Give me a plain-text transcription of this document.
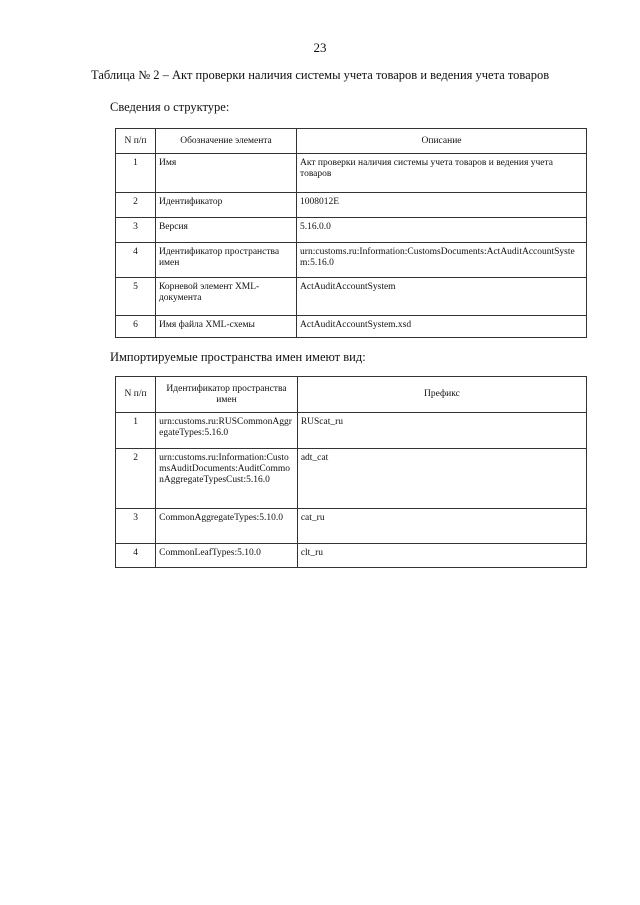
23
Таблица № 2 – Акт проверки наличия системы учета товаров и ведения учета товаров
Сведения о структуре:
N п/п	Обозначение элемента	Описание
1	Имя	Акт проверки наличия системы учета товаров и ведения учета товаров
2	Идентификатор	1008012E
3	Версия	5.16.0.0
4	Идентификатор пространства имен	urn:customs.ru:Information:CustomsDocuments:ActAuditAccountSystem:5.16.0
5	Корневой элемент XML-документа	ActAuditAccountSystem
6	Имя файла XML-схемы	ActAuditAccountSystem.xsd
Импортируемые пространства имен имеют вид:
N п/п	Идентификатор пространства имен	Префикс
1	urn:customs.ru:RUSCommonAggregateTypes:5.16.0	RUScat_ru
2	urn:customs.ru:Information:CustomsAuditDocuments:AuditCommonAggregateTypesCust:5.16.0	adt_cat
3	CommonAggregateTypes:5.10.0	cat_ru
4	CommonLeafTypes:5.10.0	clt_ru
